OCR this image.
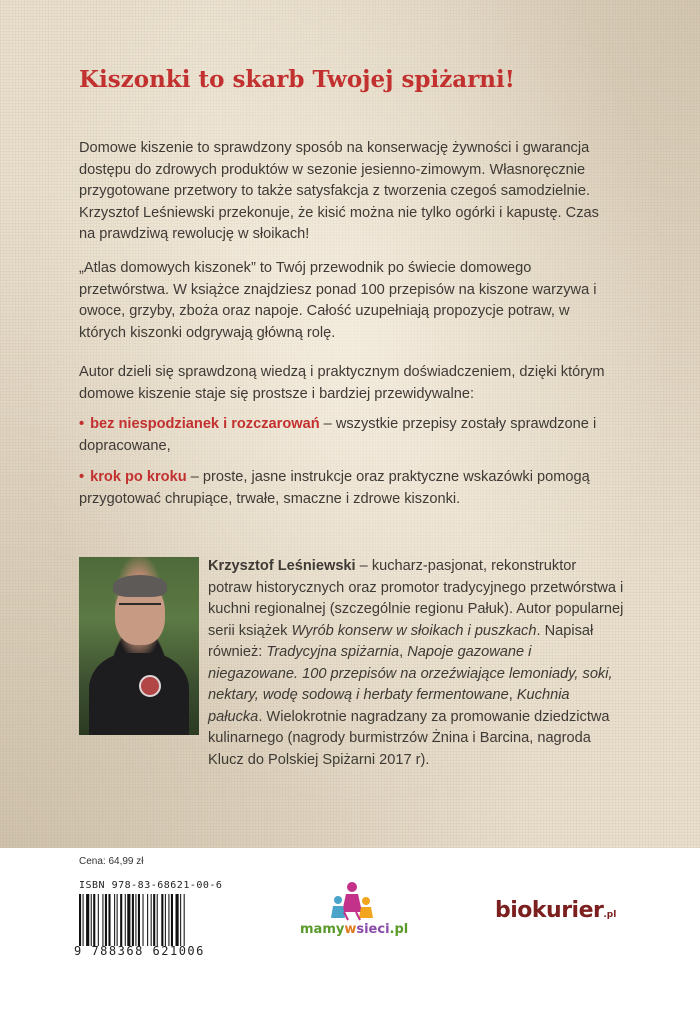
Kiszonki to skarb Twojej spiżarni!

Domowe kiszenie to sprawdzony sposób na konserwację żywności i gwarancja dostępu do zdrowych produktów w sezonie jesienno-zimowym. Własnoręcznie przygotowane przetwory to także satysfakcja z tworzenia czegoś samodzielnie. Krzysztof Leśniewski przekonuje, że kisić można nie tylko ogórki i kapustę. Czas na prawdziwą rewolucję w słoikach!

„Atlas domowych kiszonek” to Twój przewodnik po świecie domowego przetwórstwa. W książce znajdziesz ponad 100 przepisów na kiszone warzywa i owoce, grzyby, zboża oraz napoje. Całość uzupełniają propozycje potraw, w których kiszonki odgrywają główną rolę.

Autor dzieli się sprawdzoną wiedzą i praktycznym doświadczeniem, dzięki którym domowe kiszenie staje się prostsze i bardziej przewidywalne:

• bez niespodzianek i rozczarowań – wszystkie przepisy zostały sprawdzone i dopracowane,
• krok po kroku – proste, jasne instrukcje oraz praktyczne wskazówki pomogą przygotować chrupiące, trwałe, smaczne i zdrowe kiszonki.

Krzysztof Leśniewski – kucharz-pasjonat, rekonstruktor potraw historycznych oraz promotor tradycyjnego przetwórstwa i kuchni regionalnej (szczególnie regionu Pałuk). Autor popularnej serii książek Wyrób konserw w słoikach i puszkach. Napisał również: Tradycyjna spiżarnia, Napoje gazowane i niegazowane. 100 przepisów na orzeźwiające lemoniady, soki, nektary, wodę sodową i herbaty fermentowane, Kuchnia pałucka. Wielokrotnie nagradzany za promowanie dziedzictwa kulinarnego (nagrody burmistrzów Żnina i Barcina, nagroda Klucz do Polskiej Spiżarni 2017 r).

Cena: 64,99 zł
ISBN 978-83-68621-00-6
9 788368 621006
mamywsieci.pl
biokurier.pl
